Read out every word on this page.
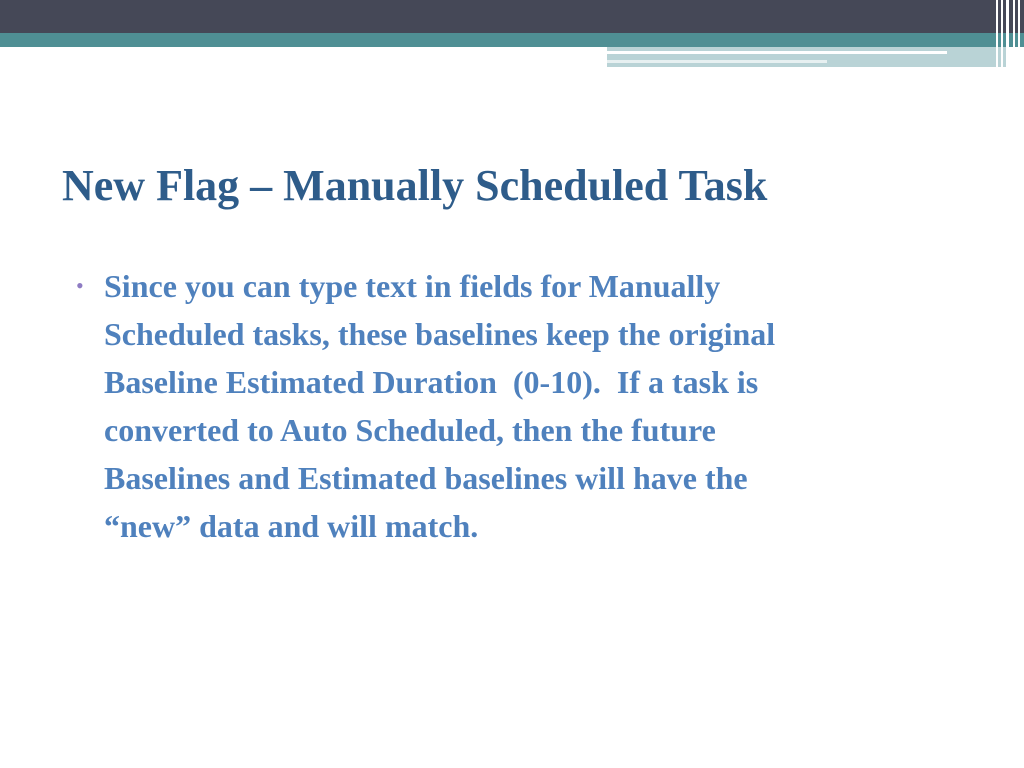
New Flag – Manually Scheduled Task
• Since you can type text in fields for Manually
Scheduled tasks, these baselines keep the original
Baseline Estimated Duration  (0-10).  If a task is
converted to Auto Scheduled, then the future
Baselines and Estimated baselines will have the
“new” data and will match.
